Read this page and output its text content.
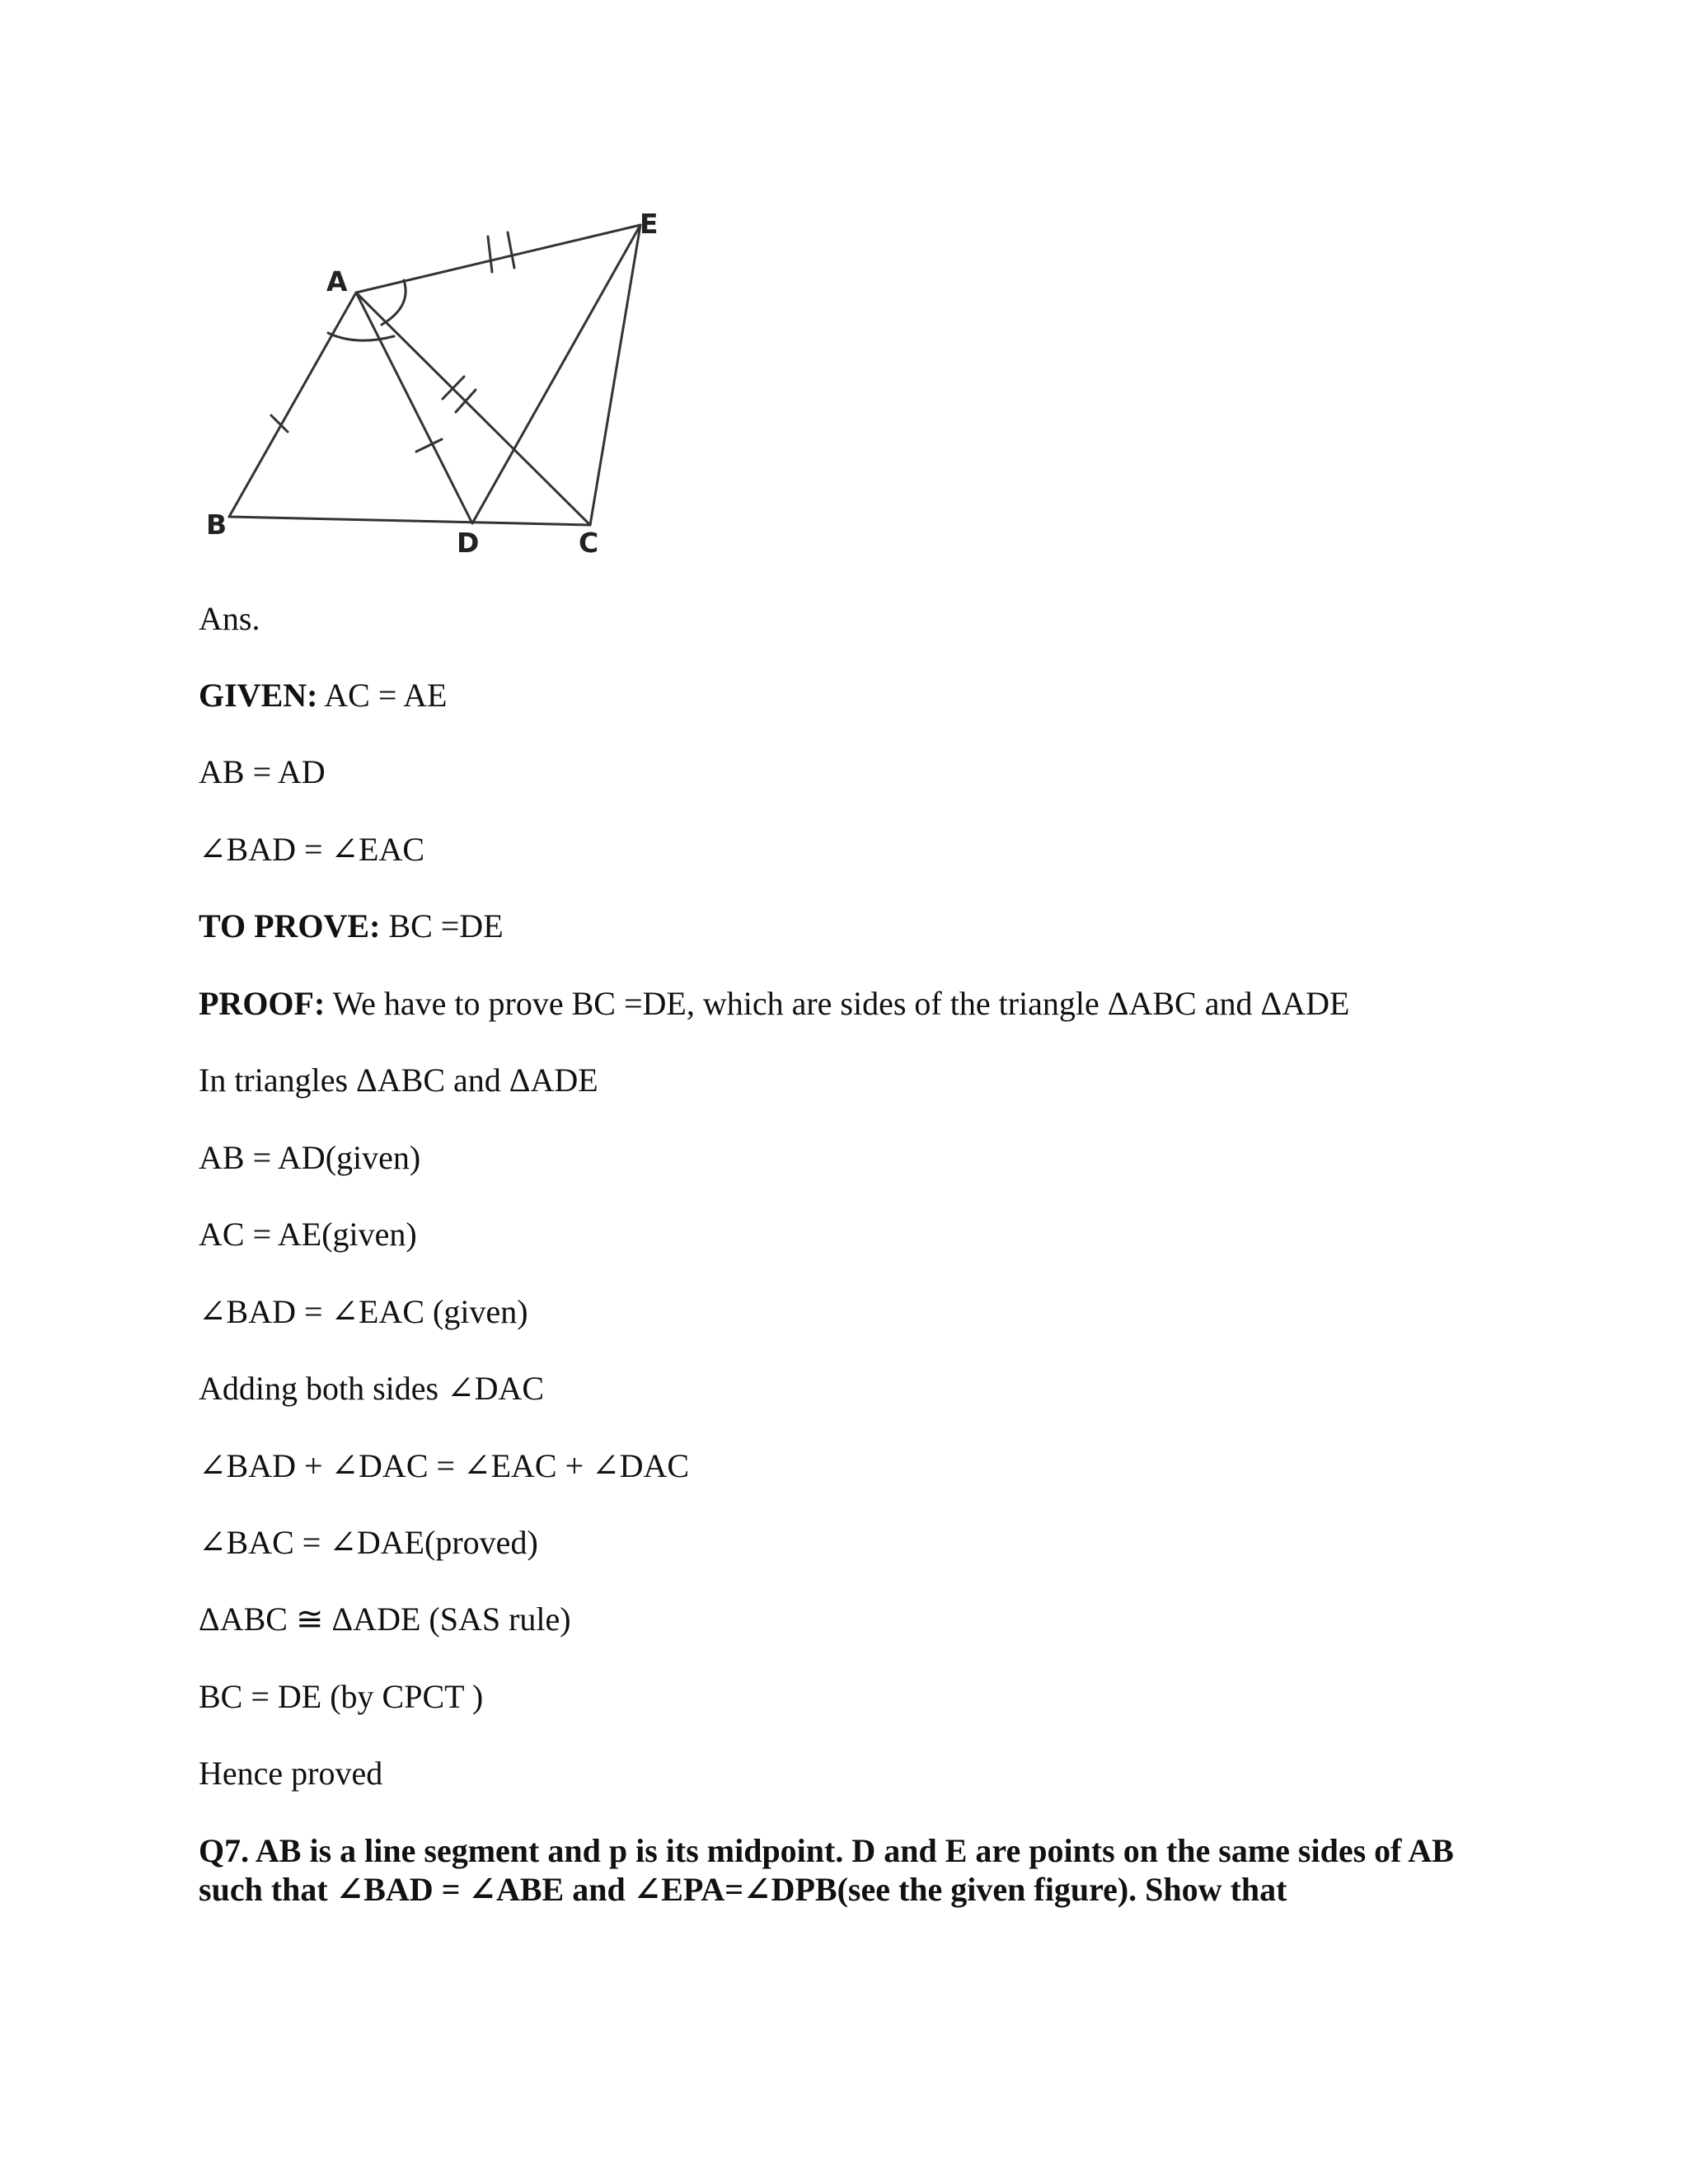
A
B
D	C
E
Ans.
GIVEN: AC = AE
AB = AD
∠BAD = ∠EAC
TO PROVE: BC =DE
PROOF: We have to prove BC =DE, which are sides of the triangle ΔABC and ΔADE
In triangles ΔABC and ΔADE
AB = AD(given)
AC = AE(given)
∠BAD = ∠EAC (given)
Adding both sides ∠DAC
∠BAD + ∠DAC = ∠EAC + ∠DAC
∠BAC = ∠DAE(proved)
ΔABC ≅ ΔADE (SAS rule)
BC = DE (by CPCT )
Hence proved
Q7. AB is a line segment and p is its midpoint. D and E are points on the same sides of AB
such that ∠BAD = ∠ABE and ∠EPA=∠DPB(see the given figure). Show that
